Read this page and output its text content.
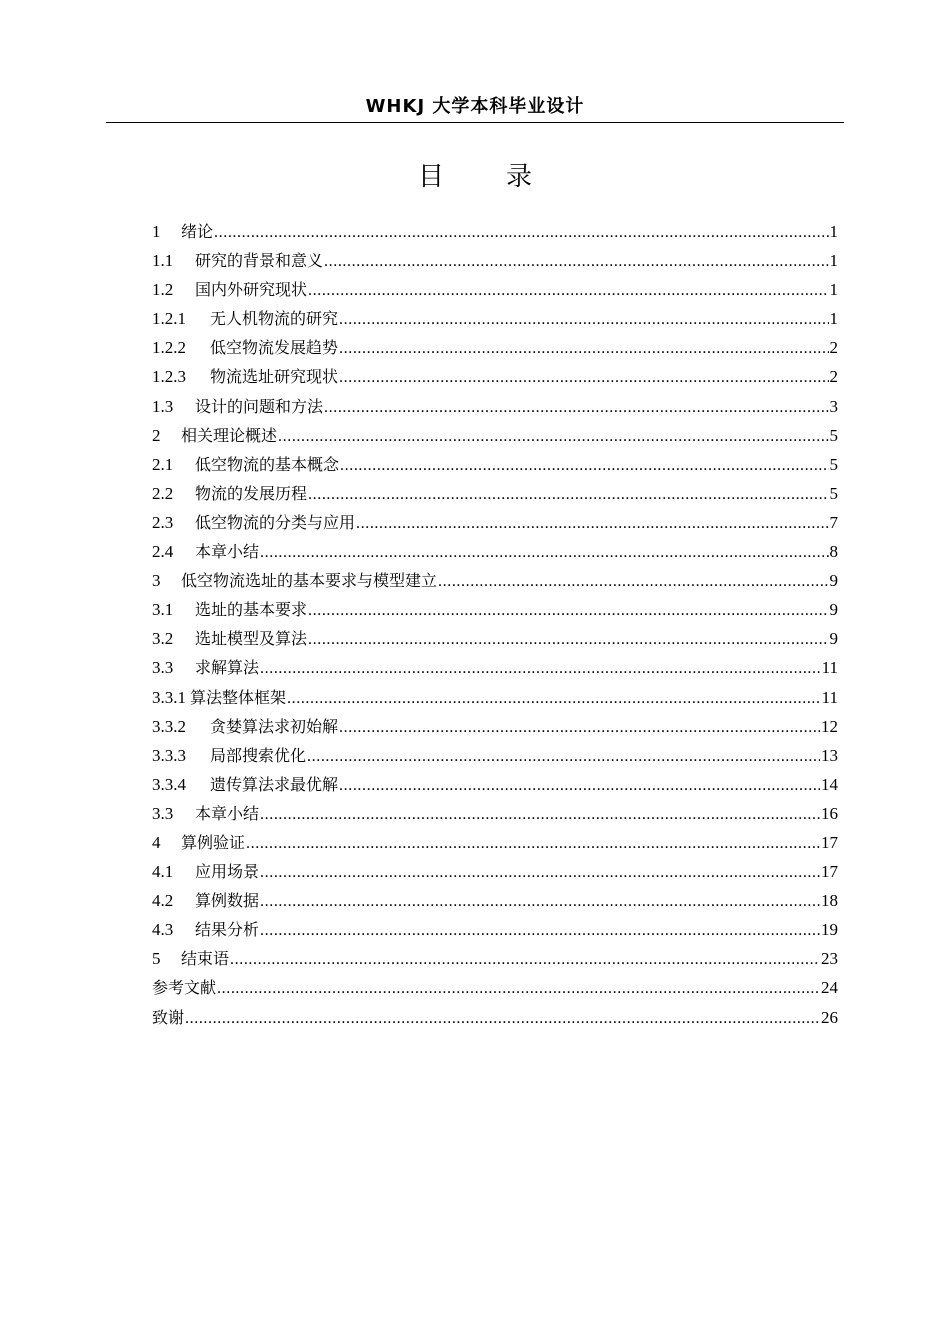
WHKJ 大学本科毕业设计
目　录
1	绪论 .....	1
1.1	研究的背景和意义 .....	1
1.2	国内外研究现状 .....	1
1.2.1	无人机物流的研究 .....	1
1.2.2	低空物流发展趋势 .....	2
1.2.3	物流选址研究现状 .....	2
1.3	设计的问题和方法 .....	3
2	相关理论概述 .....	5
2.1	低空物流的基本概念 .....	5
2.2	物流的发展历程 .....	5
2.3	低空物流的分类与应用 .....	7
2.4	本章小结 .....	8
3	低空物流选址的基本要求与模型建立 .....	9
3.1	选址的基本要求 .....	9
3.2	选址模型及算法 .....	9
3.3	求解算法 .....	11
3.3.1 算法整体框架 .....	11
3.3.2	贪婪算法求初始解 .....	12
3.3.3	局部搜索优化 .....	13
3.3.4	遗传算法求最优解 .....	14
3.3	本章小结 .....	16
4	算例验证 .....	17
4.1	应用场景 .....	17
4.2	算例数据 .....	18
4.3	结果分析 .....	19
5	结束语 .....	23
参考文献 .....	24
致谢 .....	26
